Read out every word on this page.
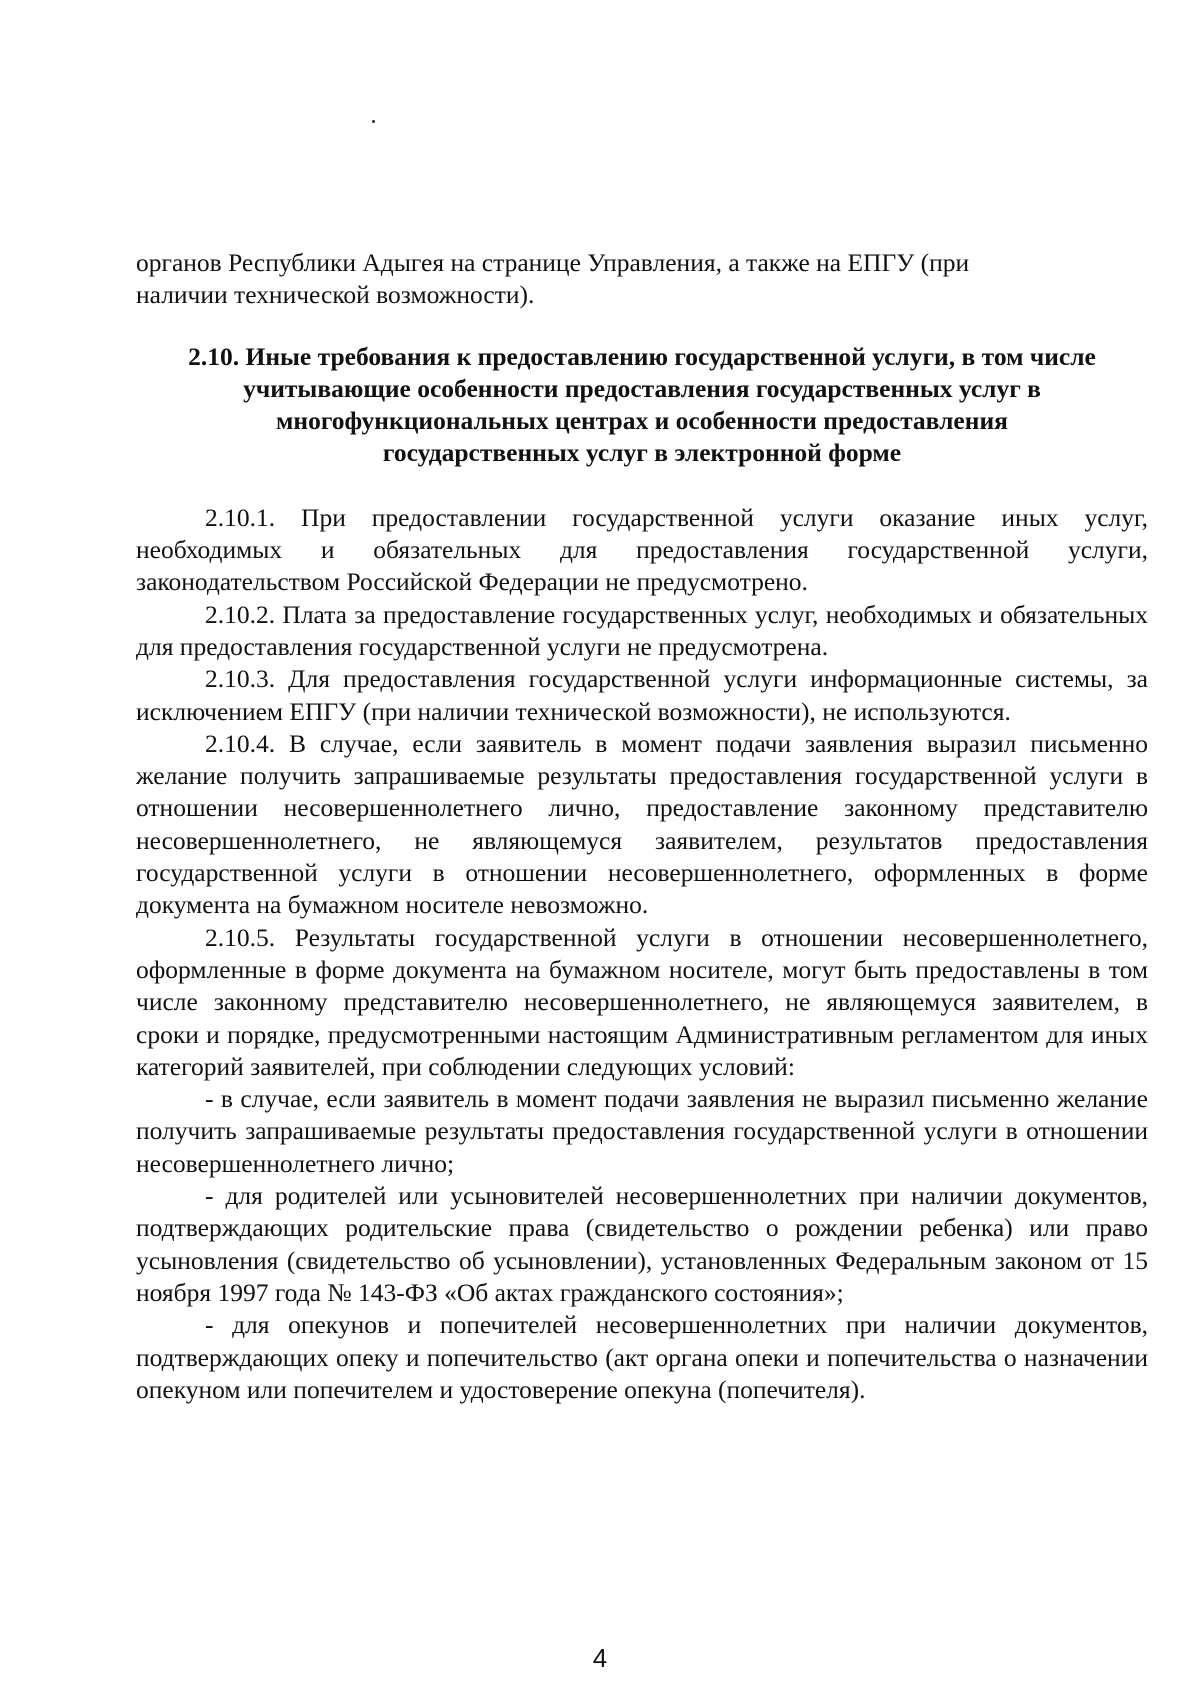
органов Республики Адыгея на странице Управления, а также на ЕПГУ (при
наличии технической возможности).

2.10. Иные требования к предоставлению государственной услуги, в том числе
учитывающие особенности предоставления государственных услуг в
многофункциональных центрах и особенности предоставления
государственных услуг в электронной форме

2.10.1. При предоставлении государственной услуги оказание иных услуг, необходимых и обязательных для предоставления государственной услуги, законодательством Российской Федерации не предусмотрено.

2.10.2. Плата за предоставление государственных услуг, необходимых и обязательных для предоставления государственной услуги не предусмотрена.

2.10.3. Для предоставления государственной услуги информационные системы, за исключением ЕПГУ (при наличии технической возможности), не используются.

2.10.4. В случае, если заявитель в момент подачи заявления выразил письменно желание получить запрашиваемые результаты предоставления государственной услуги в отношении несовершеннолетнего лично, предоставление законному представителю несовершеннолетнего, не являющемуся заявителем, результатов предоставления государственной услуги в отношении несовершеннолетнего, оформленных в форме документа на бумажном носителе невозможно.

2.10.5. Результаты государственной услуги в отношении несовершеннолетнего, оформленные в форме документа на бумажном носителе, могут быть предоставлены в том числе законному представителю несовершеннолетнего, не являющемуся заявителем, в сроки и порядке, предусмотренными настоящим Административным регламентом для иных категорий заявителей, при соблюдении следующих условий:

- в случае, если заявитель в момент подачи заявления не выразил письменно желание получить запрашиваемые результаты предоставления государственной услуги в отношении несовершеннолетнего лично;

- для родителей или усыновителей несовершеннолетних при наличии документов, подтверждающих родительские права (свидетельство о рождении ребенка) или право усыновления (свидетельство об усыновлении), установленных Федеральным законом от 15 ноября 1997 года № 143-ФЗ «Об актах гражданского состояния»;

- для опекунов и попечителей несовершеннолетних при наличии документов, подтверждающих опеку и попечительство (акт органа опеки и попечительства о назначении опекуном или попечителем и удостоверение опекуна (попечителя).

4
